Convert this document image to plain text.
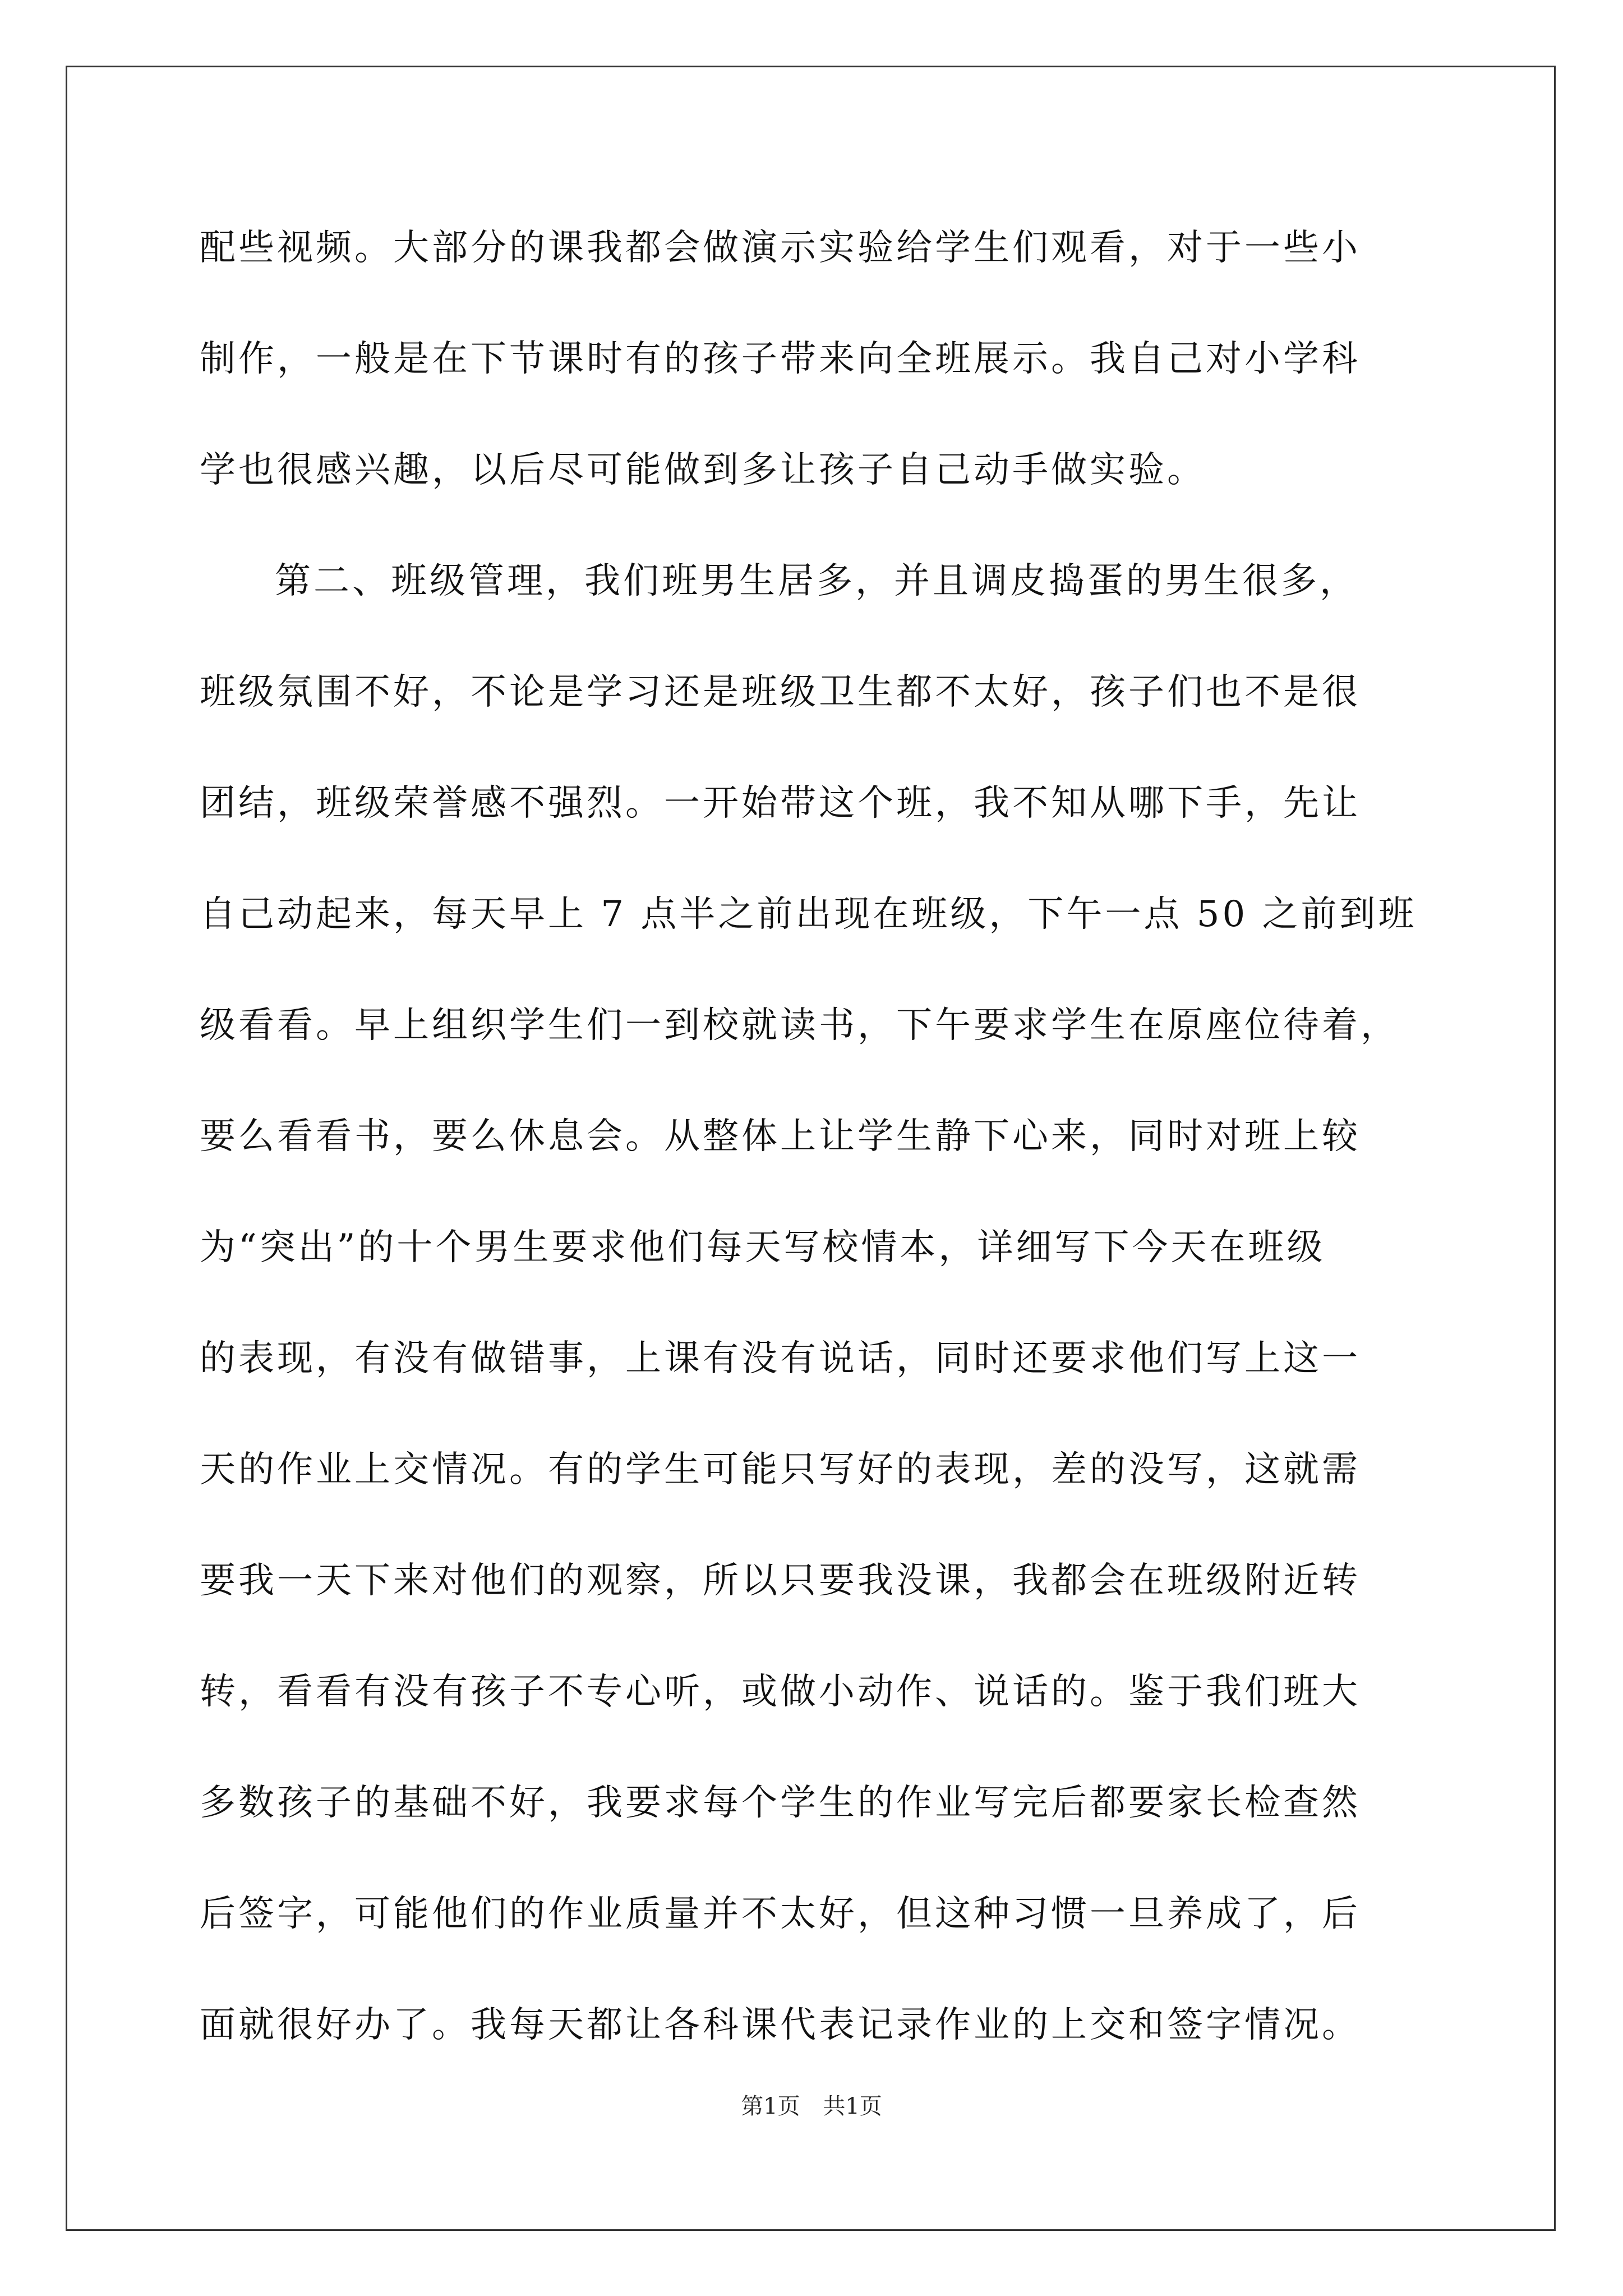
配些视频。大部分的课我都会做演示实验给学生们观看，对于一些小
制作，一般是在下节课时有的孩子带来向全班展示。我自己对小学科
学也很感兴趣，以后尽可能做到多让孩子自己动手做实验。
第二、班级管理，我们班男生居多，并且调皮捣蛋的男生很多，
班级氛围不好，不论是学习还是班级卫生都不太好，孩子们也不是很
团结，班级荣誉感不强烈。一开始带这个班，我不知从哪下手，先让
自己动起来，每天早上 7 点半之前出现在班级，下午一点 50 之前到班
级看看。早上组织学生们一到校就读书，下午要求学生在原座位待着，
要么看看书，要么休息会。从整体上让学生静下心来，同时对班上较
为“突出”的十个男生要求他们每天写校情本，详细写下今天在班级
的表现，有没有做错事，上课有没有说话，同时还要求他们写上这一
天的作业上交情况。有的学生可能只写好的表现，差的没写，这就需
要我一天下来对他们的观察，所以只要我没课，我都会在班级附近转
转，看看有没有孩子不专心听，或做小动作、说话的。鉴于我们班大
多数孩子的基础不好，我要求每个学生的作业写完后都要家长检查然
后签字，可能他们的作业质量并不太好，但这种习惯一旦养成了，后
面就很好办了。我每天都让各科课代表记录作业的上交和签字情况。
第1页 共1页
